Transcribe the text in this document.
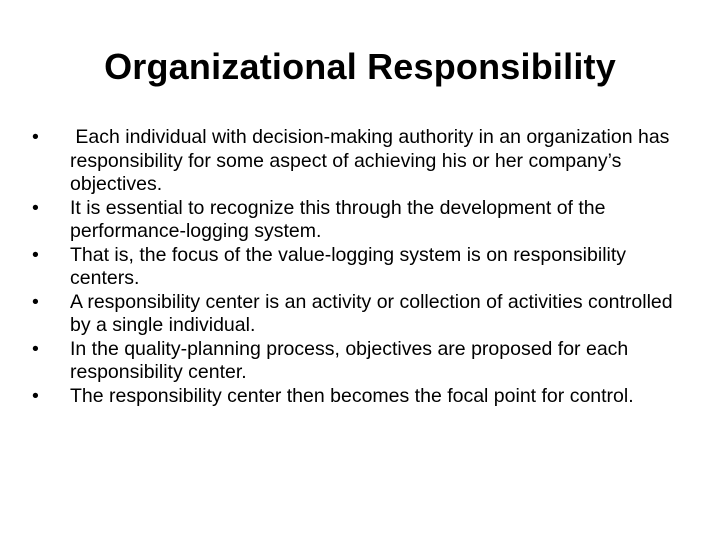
Organizational Responsibility
•	Each individual with decision-making authority in an organization has responsibility for some aspect of achieving his or her company’s objectives.
•	It is essential to recognize this through the development of the performance-logging system.
•	That is, the focus of the value-logging system is on responsibility centers.
•	A responsibility center is an activity or collection of activities controlled by a single individual.
•	In the quality-planning process, objectives are proposed for each responsibility center.
•	The responsibility center then becomes the focal point for control.
